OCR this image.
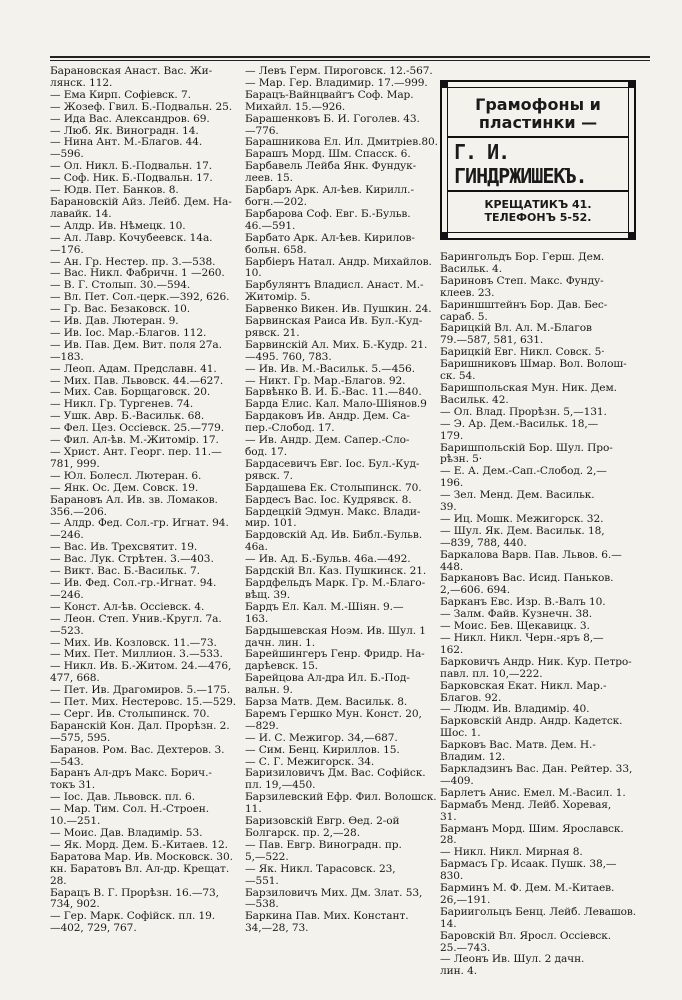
Барановская Анаст. Вас. Жи-
лянск. 112.
— Ема Кирп. Софіевск. 7.
— Жозеф. Гвил. Б.-Подвальн. 25.
— Ида Вас. Александров. 69.
— Люб. Як. Виноградн. 14.
— Нина Ант. М.-Благов. 44.
—596.
— Ол. Никл. Б.-Подвальн. 17.
— Соф. Ник. Б.-Подвальн. 17.
— Юдв. Пет. Банков. 8.
Барановскій Айз. Лейб. Дем. На-
лавайк. 14.
— Алдр. Ив. Нѣмецк. 10.
— Ал. Лавр. Кочубеевск. 14а.
—176.
— Ан. Гр. Нестер. пр. 3.—538.
— Вас. Никл. Фабричн. 1 —260.
— В. Г. Столып. 30.—594.
— Вл. Пет. Сол.-церк.—392, 626.
— Гр. Вас. Безаковск. 10.
— Ив. Дав. Лютеран. 9.
— Ив. Іос. Мар.-Благов. 112.
— Ив. Пав. Дем. Вит. поля 27а.
—183.
— Леоп. Адам. Предславн. 41.
— Мих. Пав. Львовск. 44.—627.
— Мих. Сав. Борщаговск. 20.
— Никл. Гр. Тургенев. 74.
— Ушк. Авр. Б.-Васильк. 68.
— Фел. Цез. Оссіевск. 25.—779.
— Фил. Ал-ѣв. М.-Житомір. 17.
— Христ. Ант. Георг. пер. 11.—
781, 999.
— Юл. Болесл. Лютеран. 6.
— Янк. Ос. Дем. Совск. 19.
Барановъ Ал. Ив. зв. Ломаков.
356.—206.
— Алдр. Фед. Сол.-гр. Игнат. 94.
—246.
— Вас. Ив. Трехсвятит. 19.
— Вас. Лук. Стрѣтен. 3.—403.
— Викт. Вас. Б.-Васильк. 7.
— Ив. Фед. Сол.-гр.-Игнат. 94.
—246.
— Конст. Ал-ѣв. Оссіевск. 4.
— Леон. Степ. Унив.-Кругл. 7а.
—523.
— Мих. Ив. Козловск. 11.—73.
— Мих. Пет. Миллион. 3.—533.
— Никл. Ив. Б.-Житом. 24.—476,
477, 668.
— Пет. Ив. Драгомиров. 5.—175.
— Пет. Мих. Нестеровс. 15.—529.
— Серг. Ив. Столыпинск. 70.
Баранскій Кон. Дал. Прорѣзн. 2.
—575, 595.
Баранов. Ром. Вас. Дехтеров. 3.
—543.
Баранъ Ал-дръ Макс. Борич.-
токъ 31.
— Іос. Дав. Львовск. пл. 6.
— Мар. Тим. Сол. Н.-Строен.
10.—251.
— Моис. Дав. Владимір. 53.
— Як. Морд. Дем. Б.-Китаев. 12.
Баратова Мар. Ив. Московск. 30.
кн. Баратовъ Вл. Ал-др. Крещат.
28.
Барацъ В. Г. Прорѣзн. 16.—73,
734, 902.
— Гер. Марк. Софійск. пл. 19.
—402, 729, 767.
— Левъ Герм. Пироговск. 12.-567.
— Мар. Гер. Владимир. 17.—999.
Барацъ-Вайнцвайгъ Соф. Мар.
Михайл. 15.—926.
Барашенковъ Б. И. Гоголев. 43.
—776.
Барашникова Ел. Ил. Дмитріев.80.
Барашъ Морд. Шм. Спасск. 6.
Барбавель Лейба Янк. Фундук-
леев. 15.
Барбаръ Арк. Ал-ѣев. Кирилл.-
богн.—202.
Барбарова Соф. Евг. Б.-Бульв.
46.—591.
Барбато Арк. Ал-ѣев. Кирилов-
больн. 658.
Барбіеръ Натал. Андр. Михайлов.
10.
Барбулянтъ Владисл. Анаст. М.-
Житомір. 5.
Барвенко Викен. Ив. Пушкин. 24.
Барвинская Раиса Ив. Бул.-Куд-
рявск. 21.
Барвинскій Ал. Мих. Б.-Кудр. 21.
—495. 760, 783.
— Ив. Ив. М.-Васильк. 5.—456.
— Никт. Гр. Мар.-Благов. 92.
Барвѣнко В. И. Б.-Вас. 11.—840.
Барда Елис. Кал. Мало-Шіянов.9
Бардаковъ Ив. Андр. Дем. Са-
пер.-Слобод. 17.
— Ив. Андр. Дем. Сапер.-Сло-
бод. 17.
Бардасевичъ Евг. Іос. Бул.-Куд-
рявск. 7.
Бардашева Ек. Столыпинск. 70.
Бардесъ Вас. Іос. Кудрявск. 8.
Бардецкій Эдмун. Макс. Влади-
мир. 101.
Бардовскій Ад. Ив. Библ.-Бульв.
46а.
— Ив. Ад. Б.-Бульв. 46а.—492.
Бардскій Вл. Каз. Пушкинск. 21.
Бардфельдъ Марк. Гр. М.-Благо-
вѣщ. 39.
Бардъ Ел. Кал. М.-Шіян. 9.—
163.
Бардышевская Ноэм. Ив. Шул. 1
дачн. лин. 1.
Барейшингеръ Генр. Фридр. На-
дарѣевск. 15.
Барейцова Ал-дра Ил. Б.-Под-
вальн. 9.
Барза Матв. Дем. Васильк. 8.
Баремъ Гершко Мун. Конст. 20,
—829.
— И. С. Межигор. 34,—687.
— Сим. Бенц. Кириллов. 15.
— С. Г. Межигорск. 34.
Баризиловичъ Дм. Вас. Софійск.
пл. 19,—450.
Барзилевский Ефр. Фил. Волошск.
11.
Баризовскій Евгр. Ѳед. 2-ой
Болгарск. пр. 2,—28.
— Пав. Евгр. Виноградн. пр.
5,—522.
— Як. Никл. Тарасовск. 23,
—551.
Барзиловичъ Мих. Дм. Злат. 53,
—538.
Баркина Пав. Мих. Констант.
34,—28, 73.
Грамофоны и
пластинки —
Г. И. ГИНДРЖИШЕКЪ.
КРЕЩАТИКЪ 41.
ТЕЛЕФОНЪ 5-52.
Барингольдъ Бор. Герш. Дем.
Васильк. 4.
Бариновъ Степ. Макс. Фунду-
клеев. 23.
Бариншштейнъ Бор. Дав. Бес-
сараб. 5.
Барицкій Вл. Ал. М.-Благов
79.—587, 581, 631.
Барицкій Евг. Никл. Совск. 5·
Баришниковъ Шмар. Вол. Волош-
ск. 54.
Баришпольская Мун. Ник. Дем.
Васильк. 42.
— Ол. Влад. Прорѣзн. 5,—131.
— Э. Ар. Дем.-Васильк. 18,—
179.
Баришпольскій Бор. Шул. Про-
рѣзн. 5·
— Е. А. Дем.-Сап.-Слобод. 2,—
196.
— Зел. Менд. Дем. Васильк.
39.
— Иц. Мошк. Межигорск. 32.
— Шул. Як. Дем. Васильк. 18,
—839, 788, 440.
Баркалова Варв. Пав. Львов. 6.—
448.
Баркановъ Вас. Исид. Паньков.
2,—606. 694.
Барканъ Евс. Изр. В.-Валъ 10.
— Залм. Файв. Кузнечн. 38.
— Моис. Бев. Щекавицк. 3.
— Никл. Никл. Черн.-яръ 8,—
162.
Барковичъ Андр. Ник. Кур. Петро-
павл. пл. 10,—222.
Барковская Екат. Никл. Мар.-
Благов. 92.
— Людм. Ив. Владимір. 40.
Барковскій Андр. Андр. Кадетск.
Шос. 1.
Барковъ Вас. Матв. Дем. Н.-
Владим. 12.
Баркладзинъ Вас. Дан. Рейтер. 33,
—409.
Барлетъ Анис. Емел. М.-Васил. 1.
Бармабъ Менд. Лейб. Хоревая,
31.
Барманъ Морд. Шим. Ярославск.
28.
— Никл. Никл. Мирная 8.
Бармасъ Гр. Исаак. Пушк. 38,—
830.
Барминъ М. Ф. Дем. М.-Китаев.
26,—191.
Бариигольцъ Бенц. Лейб. Левашов.
14.
Баровскій Вл. Яросл. Оссіевск.
25.—743.
— Леонъ Ив. Шул. 2 дачн.
лин. 4.
